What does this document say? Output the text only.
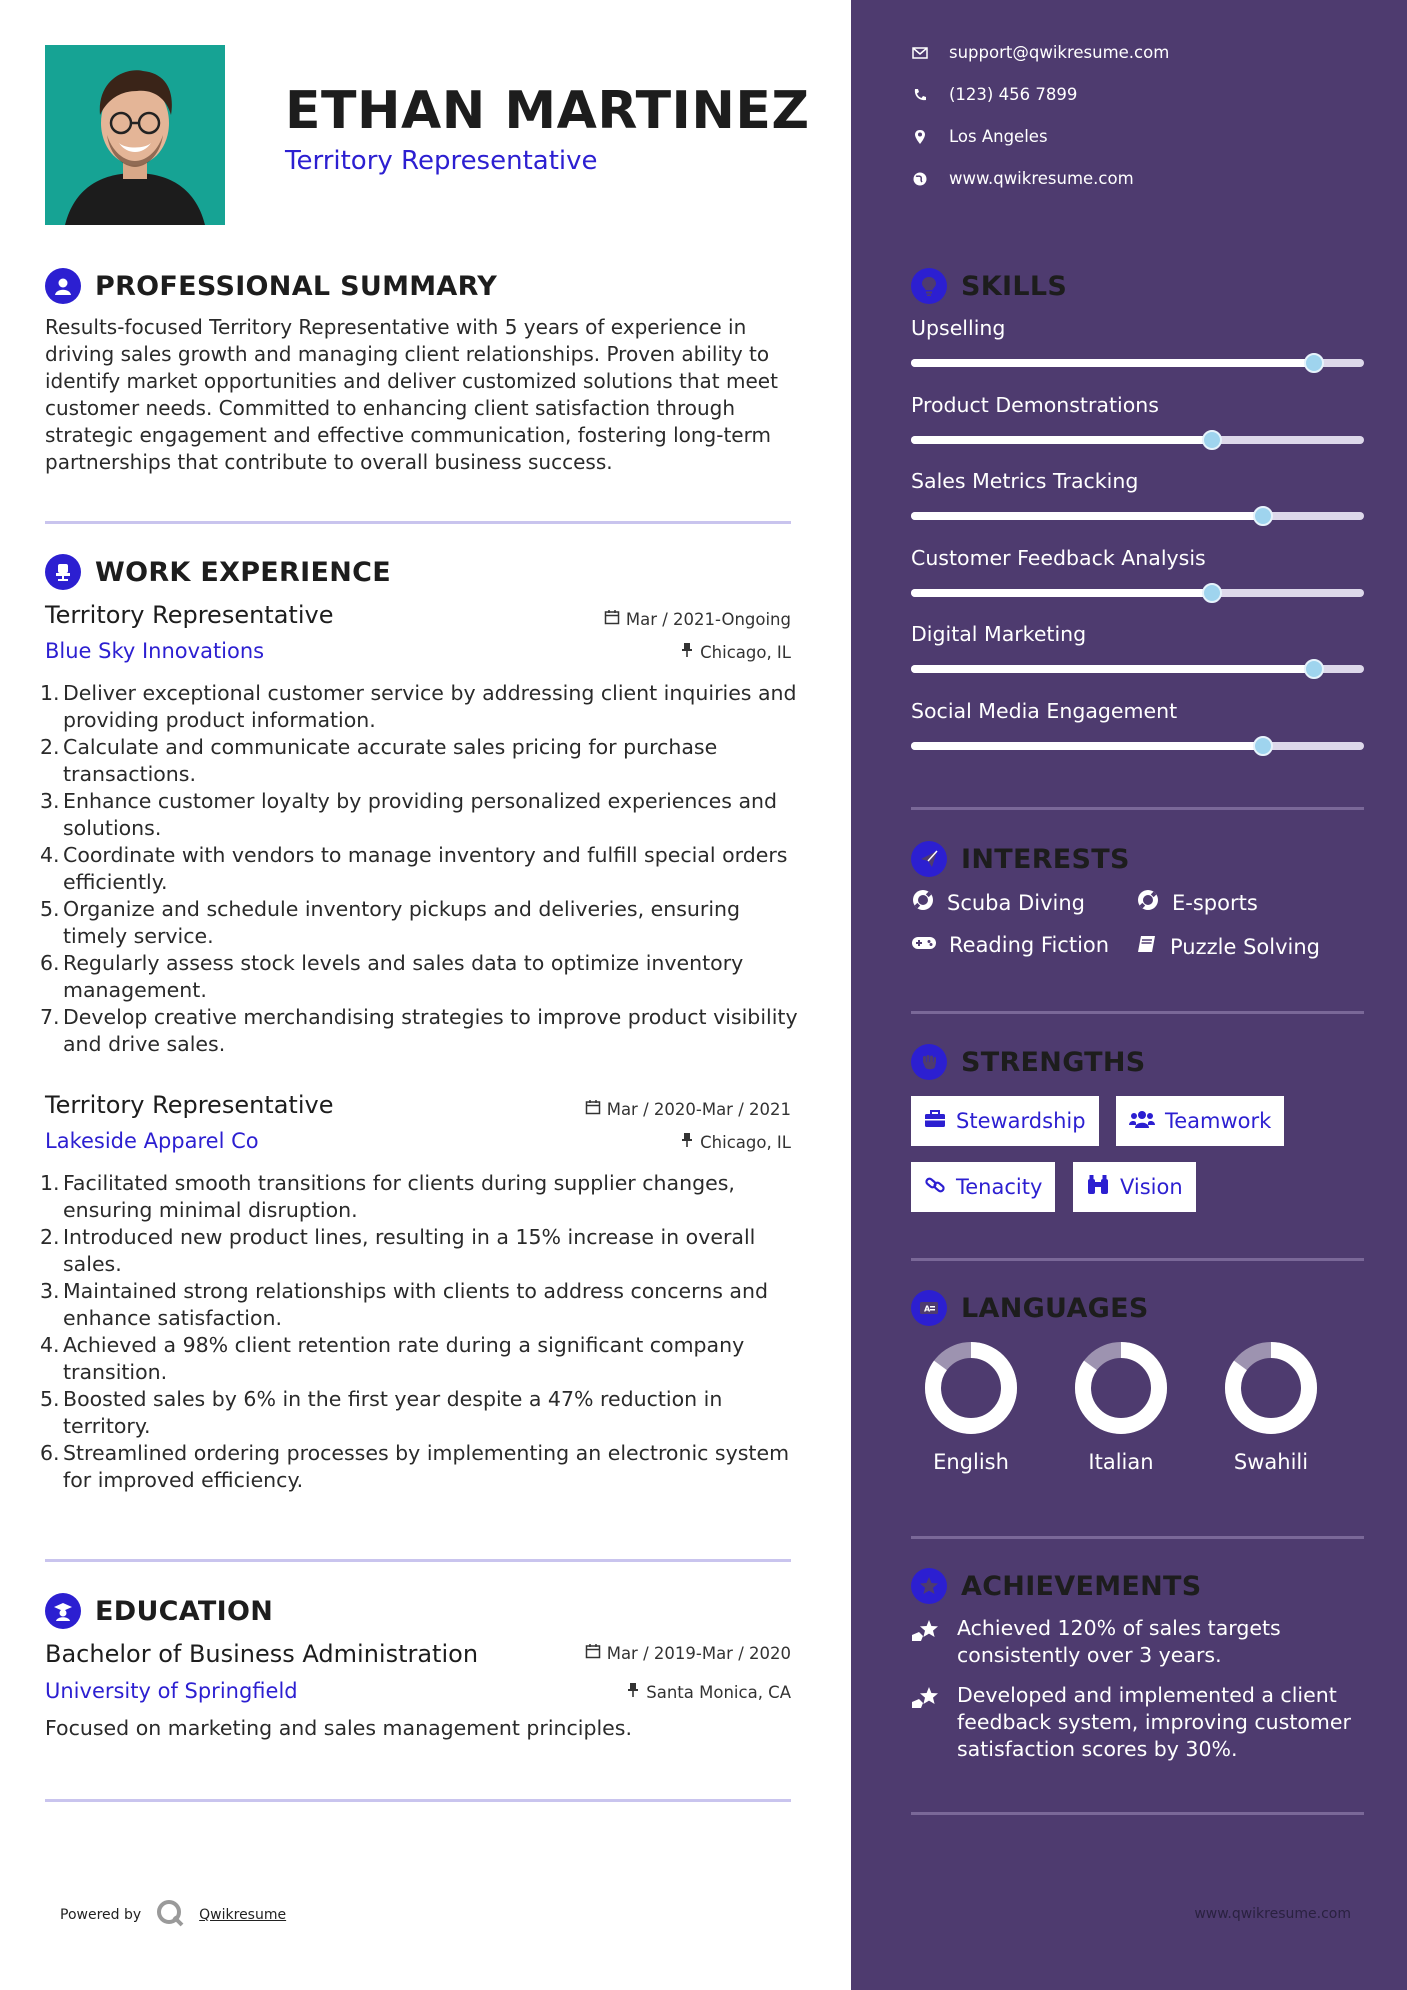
ETHAN MARTINEZ
Territory Representative
PROFESSIONAL SUMMARY

Results-focused Territory Representative with 5 years of experience in driving sales growth and managing client relationships. Proven ability to identify market opportunities and deliver customized solutions that meet customer needs. Committed to enhancing client satisfaction through strategic engagement and effective communication, fostering long-term partnerships that contribute to overall business success.

WORK EXPERIENCE
Territory Representative	Mar / 2021-Ongoing
Blue Sky Innovations	Chicago, IL
1. Deliver exceptional customer service by addressing client inquiries and providing product information.
2. Calculate and communicate accurate sales pricing for purchase transactions.
3. Enhance customer loyalty by providing personalized experiences and solutions.
4. Coordinate with vendors to manage inventory and fulfill special orders efficiently.
5. Organize and schedule inventory pickups and deliveries, ensuring timely service.
6. Regularly assess stock levels and sales data to optimize inventory management.
7. Develop creative merchandising strategies to improve product visibility and drive sales.
Territory Representative	Mar / 2020-Mar / 2021
Lakeside Apparel Co	Chicago, IL
1. Facilitated smooth transitions for clients during supplier changes, ensuring minimal disruption.
2. Introduced new product lines, resulting in a 15% increase in overall sales.
3. Maintained strong relationships with clients to address concerns and enhance satisfaction.
4. Achieved a 98% client retention rate during a significant company transition.
5. Boosted sales by 6% in the first year despite a 47% reduction in territory.
6. Streamlined ordering processes by implementing an electronic system for improved efficiency.
EDUCATION
Bachelor of Business Administration	Mar / 2019-Mar / 2020
University of Springfield	Santa Monica, CA
Focused on marketing and sales management principles.
Powered by	Qwikresume
support@qwikresume.com
(123) 456 7899
Los Angeles
www.qwikresume.com
SKILLS
Upselling
Product Demonstrations
Sales Metrics Tracking
Customer Feedback Analysis
Digital Marketing
Social Media Engagement
INTERESTS
Scuba Diving	E-sports
Reading Fiction	Puzzle Solving
STRENGTHS
Stewardship	Teamwork
Tenacity	Vision
A LANGUAGES
English	Italian	Swahili
ACHIEVEMENTS
Achieved 120% of sales targets consistently over 3 years.
Developed and implemented a client feedback system, improving customer satisfaction scores by 30%.
www.qwikresume.com
